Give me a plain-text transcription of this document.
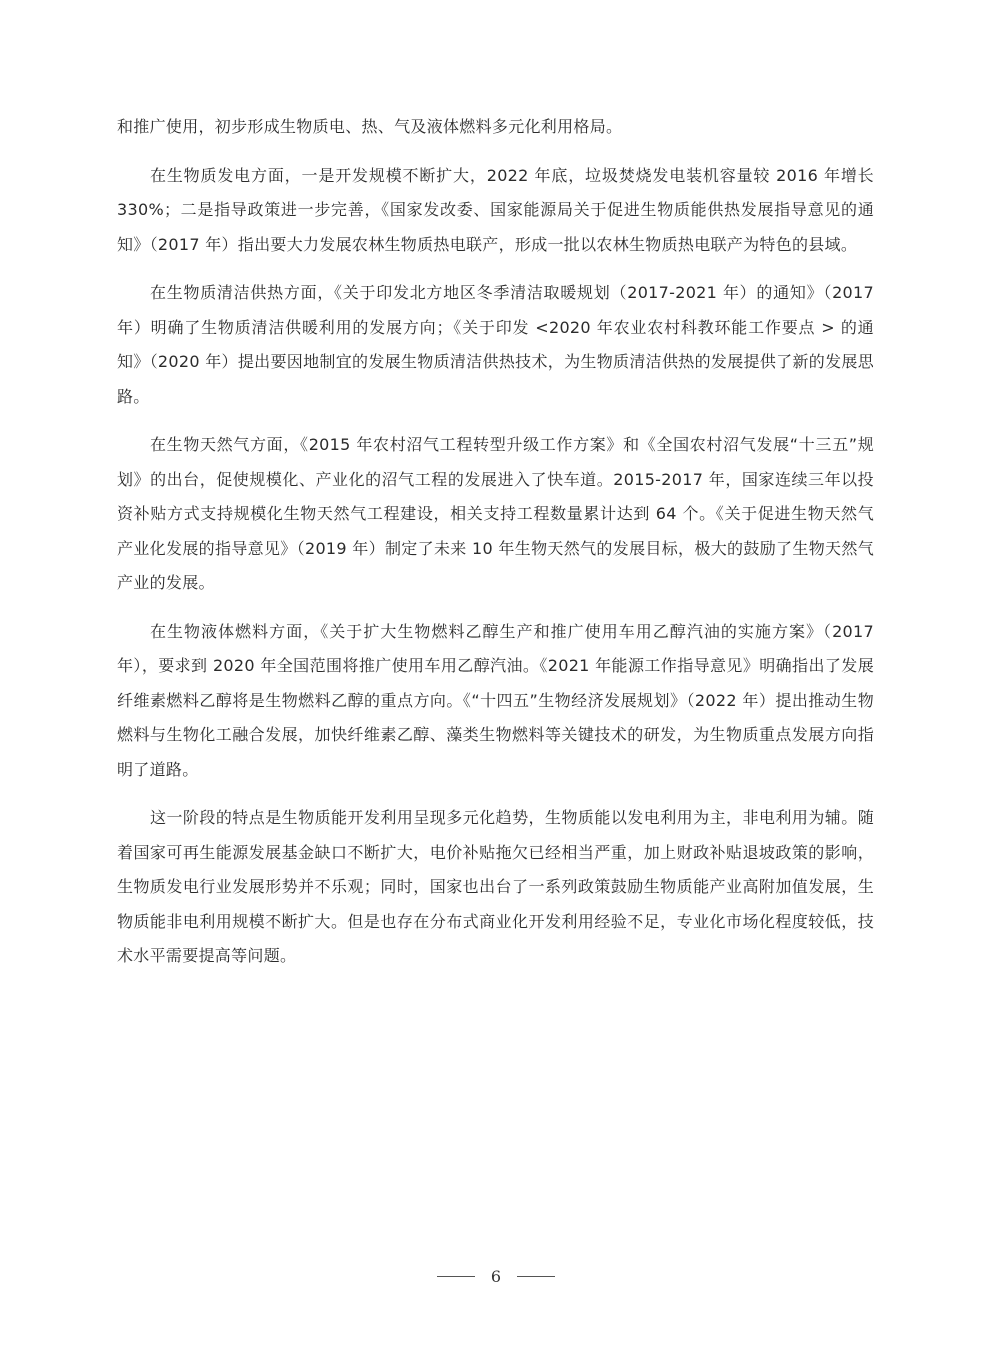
和推广使用，初步形成生物质电、热、气及液体燃料多元化利用格局。

在生物质发电方面，一是开发规模不断扩大，2022 年底，垃圾焚烧发电装机容量较 2016 年增长 330%；二是指导政策进一步完善，《国家发改委、国家能源局关于促进生物质能供热发展指导意见的通知》（2017 年）指出要大力发展农林生物质热电联产，形成一批以农林生物质热电联产为特色的县域。

在生物质清洁供热方面，《关于印发北方地区冬季清洁取暖规划（2017-2021 年）的通知》（2017 年）明确了生物质清洁供暖利用的发展方向；《关于印发 <2020 年农业农村科教环能工作要点 > 的通知》（2020 年）提出要因地制宜的发展生物质清洁供热技术，为生物质清洁供热的发展提供了新的发展思路。

在生物天然气方面，《2015 年农村沼气工程转型升级工作方案》和《全国农村沼气发展“十三五”规划》的出台，促使规模化、产业化的沼气工程的发展进入了快车道。2015-2017 年，国家连续三年以投资补贴方式支持规模化生物天然气工程建设，相关支持工程数量累计达到 64 个。《关于促进生物天然气产业化发展的指导意见》（2019 年）制定了未来 10 年生物天然气的发展目标，极大的鼓励了生物天然气产业的发展。

在生物液体燃料方面，《关于扩大生物燃料乙醇生产和推广使用车用乙醇汽油的实施方案》（2017 年），要求到 2020 年全国范围将推广使用车用乙醇汽油。《2021 年能源工作指导意见》明确指出了发展纤维素燃料乙醇将是生物燃料乙醇的重点方向。《“十四五”生物经济发展规划》（2022 年）提出推动生物燃料与生物化工融合发展，加快纤维素乙醇、藻类生物燃料等关键技术的研发，为生物质重点发展方向指明了道路。

这一阶段的特点是生物质能开发利用呈现多元化趋势，生物质能以发电利用为主，非电利用为辅。随着国家可再生能源发展基金缺口不断扩大，电价补贴拖欠已经相当严重，加上财政补贴退坡政策的影响，生物质发电行业发展形势并不乐观；同时，国家也出台了一系列政策鼓励生物质能产业高附加值发展，生物质能非电利用规模不断扩大。但是也存在分布式商业化开发利用经验不足，专业化市场化程度较低，技术水平需要提高等问题。

6
